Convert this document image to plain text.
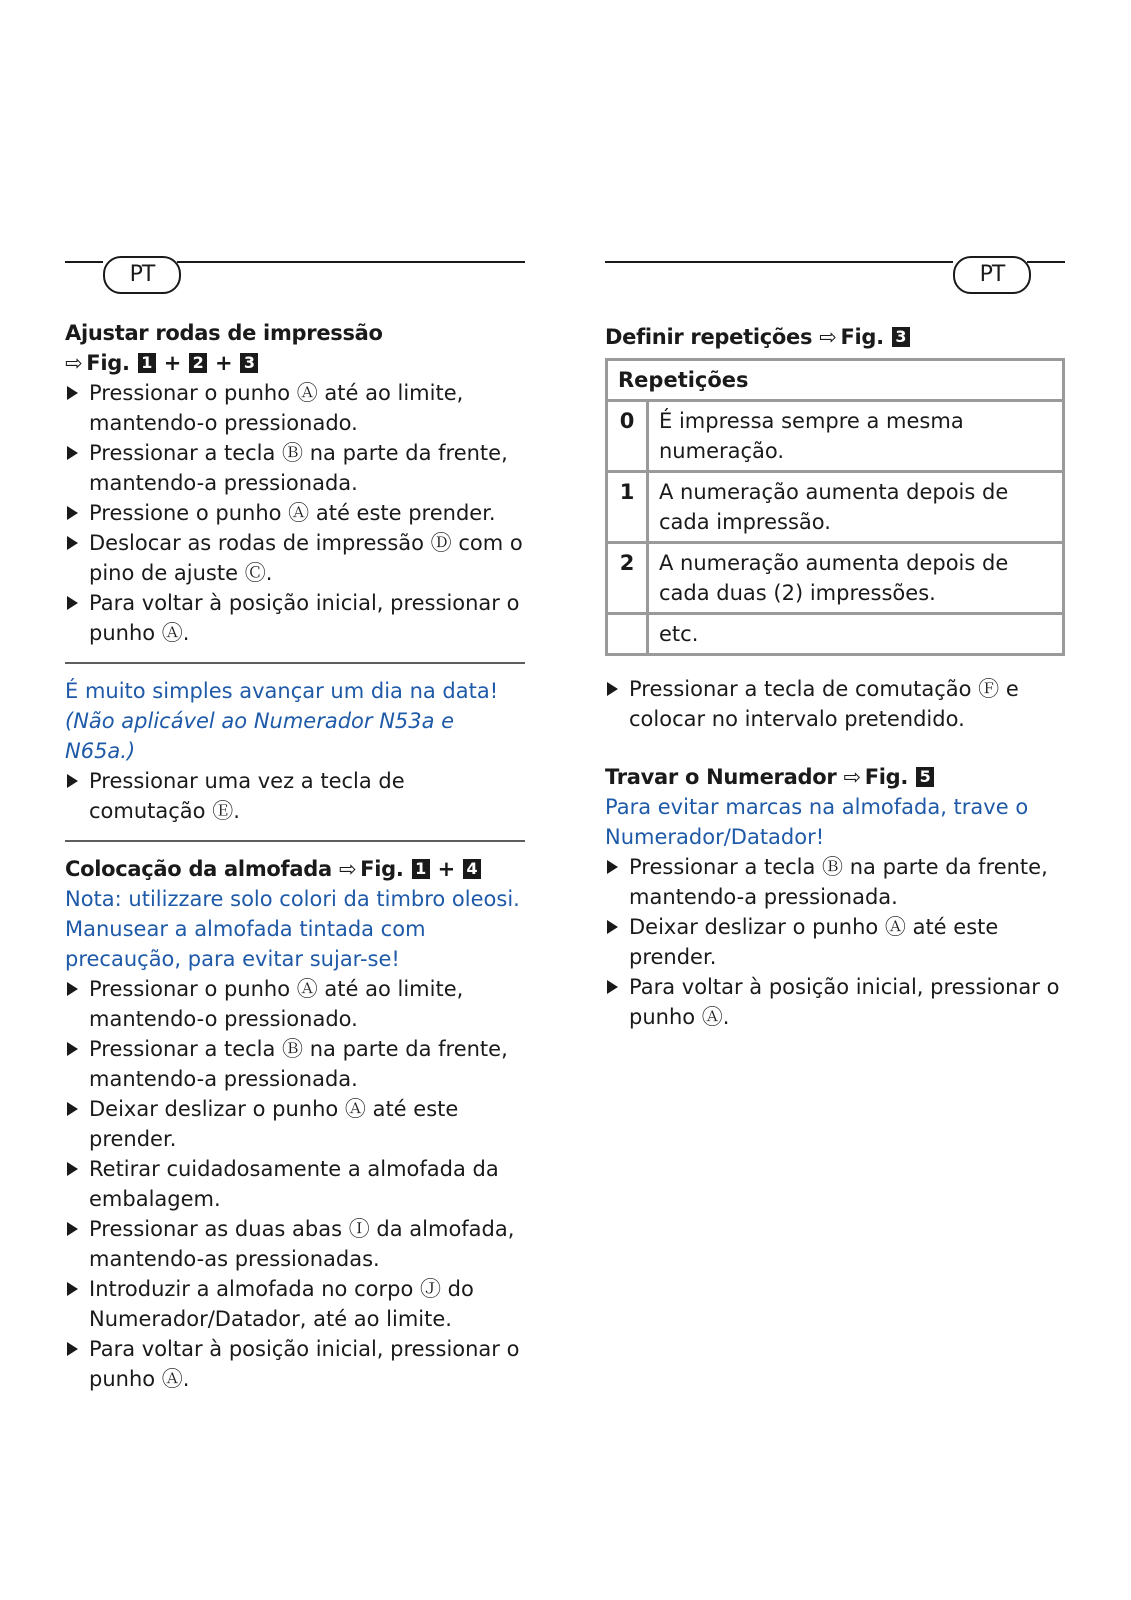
PT
Ajustar rodas de impressão
⇨ Fig. 1 + 2 + 3
Pressionar o punho Ⓐ até ao limite, mantendo-o pressionado.
Pressionar a tecla Ⓑ na parte da frente, mantendo-a pressionada.
Pressione o punho Ⓐ até este prender.
Deslocar as rodas de impressão Ⓓ com o pino de ajuste Ⓒ.
Para voltar à posição inicial, pressionar o punho Ⓐ.
É muito simples avançar um dia na data!
(Não aplicável ao Numerador N53a e N65a.)
Pressionar uma vez a tecla de comutação Ⓔ.
Colocação da almofada ⇨ Fig. 1 + 4
Nota: utilizzare solo colori da timbro oleosi. Manusear a almofada tintada com precaução, para evitar sujar-se!
Pressionar o punho Ⓐ até ao limite, mantendo-o pressionado.
Pressionar a tecla Ⓑ na parte da frente, mantendo-a pressionada.
Deixar deslizar o punho Ⓐ até este prender.
Retirar cuidadosamente a almofada da embalagem.
Pressionar as duas abas Ⓘ da almofada, mantendo-as pressionadas.
Introduzir a almofada no corpo Ⓙ do Numerador/Datador, até ao limite.
Para voltar à posição inicial, pressionar o punho Ⓐ.
PT
Definir repetições ⇨ Fig. 3
Repetições	
0	É impressa sempre a mesma numeração.
1	A numeração aumenta depois de cada impressão.
2	A numeração aumenta depois de cada duas (2) impressões.
	etc.
Pressionar a tecla de comutação Ⓕ e colocar no intervalo pretendido.
Travar o Numerador ⇨ Fig. 5
Para evitar marcas na almofada, trave o Numerador/Datador!
Pressionar a tecla Ⓑ na parte da frente, mantendo-a pressionada.
Deixar deslizar o punho Ⓐ até este prender.
Para voltar à posição inicial, pressionar o punho Ⓐ.
